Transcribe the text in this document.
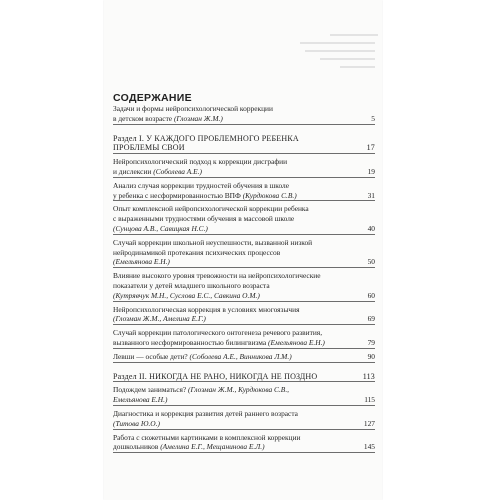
СОДЕРЖАНИЕ
Задачи и формы нейропсихологической коррекции
в детском возрасте (Глозман Ж.М.)	5
Раздел I. У КАЖДОГО ПРОБЛЕМНОГО РЕБЕНКА
ПРОБЛЕМЫ СВОИ	17
Нейропсихологический подход к коррекции дисграфии
и дислексии (Соболева А.Е.)	19
Анализ случая коррекции трудностей обучения в школе
у ребенка с несформированностью ВПФ (Курдюкова С.В.)	31
Опыт комплексной нейропсихологической коррекции ребенка
с выраженными трудностями обучения в массовой школе
(Сунцова А.В., Савицкая Н.С.)	40
Случай коррекции школьной неуспешности, вызванной низкой
нейродинамикой протекания психических процессов
(Емельянова Е.Н.)	50
Влияние высокого уровня тревожности на нейропсихологические
показатели у детей младшего школьного возраста
(Кутрявчук М.Н., Суслова Е.С., Савкина О.М.)	60
Нейропсихологическая коррекция в условиях многоязычия
(Глозман Ж.М., Амелина Е.Г.)	69
Случай коррекции патологического онтогенеза речевого развития,
вызванного несформированностью билингвизма (Емельянова Е.Н.)	79
Левши — особые дети? (Соболева А.Е., Винникова Л.М.)	90
Раздел II. НИКОГДА НЕ РАНО, НИКОГДА НЕ ПОЗДНО	113
Подождем заниматься? (Глозман Ж.М., Курдюкова С.В.,
Емельянова Е.Н.)	115
Диагностика и коррекция развития детей раннего возраста
(Титова Ю.О.)	127
Работа с сюжетными картинками в комплексной коррекции
дошкольников (Амелина Е.Г., Мещанинова Е.Л.)	145
